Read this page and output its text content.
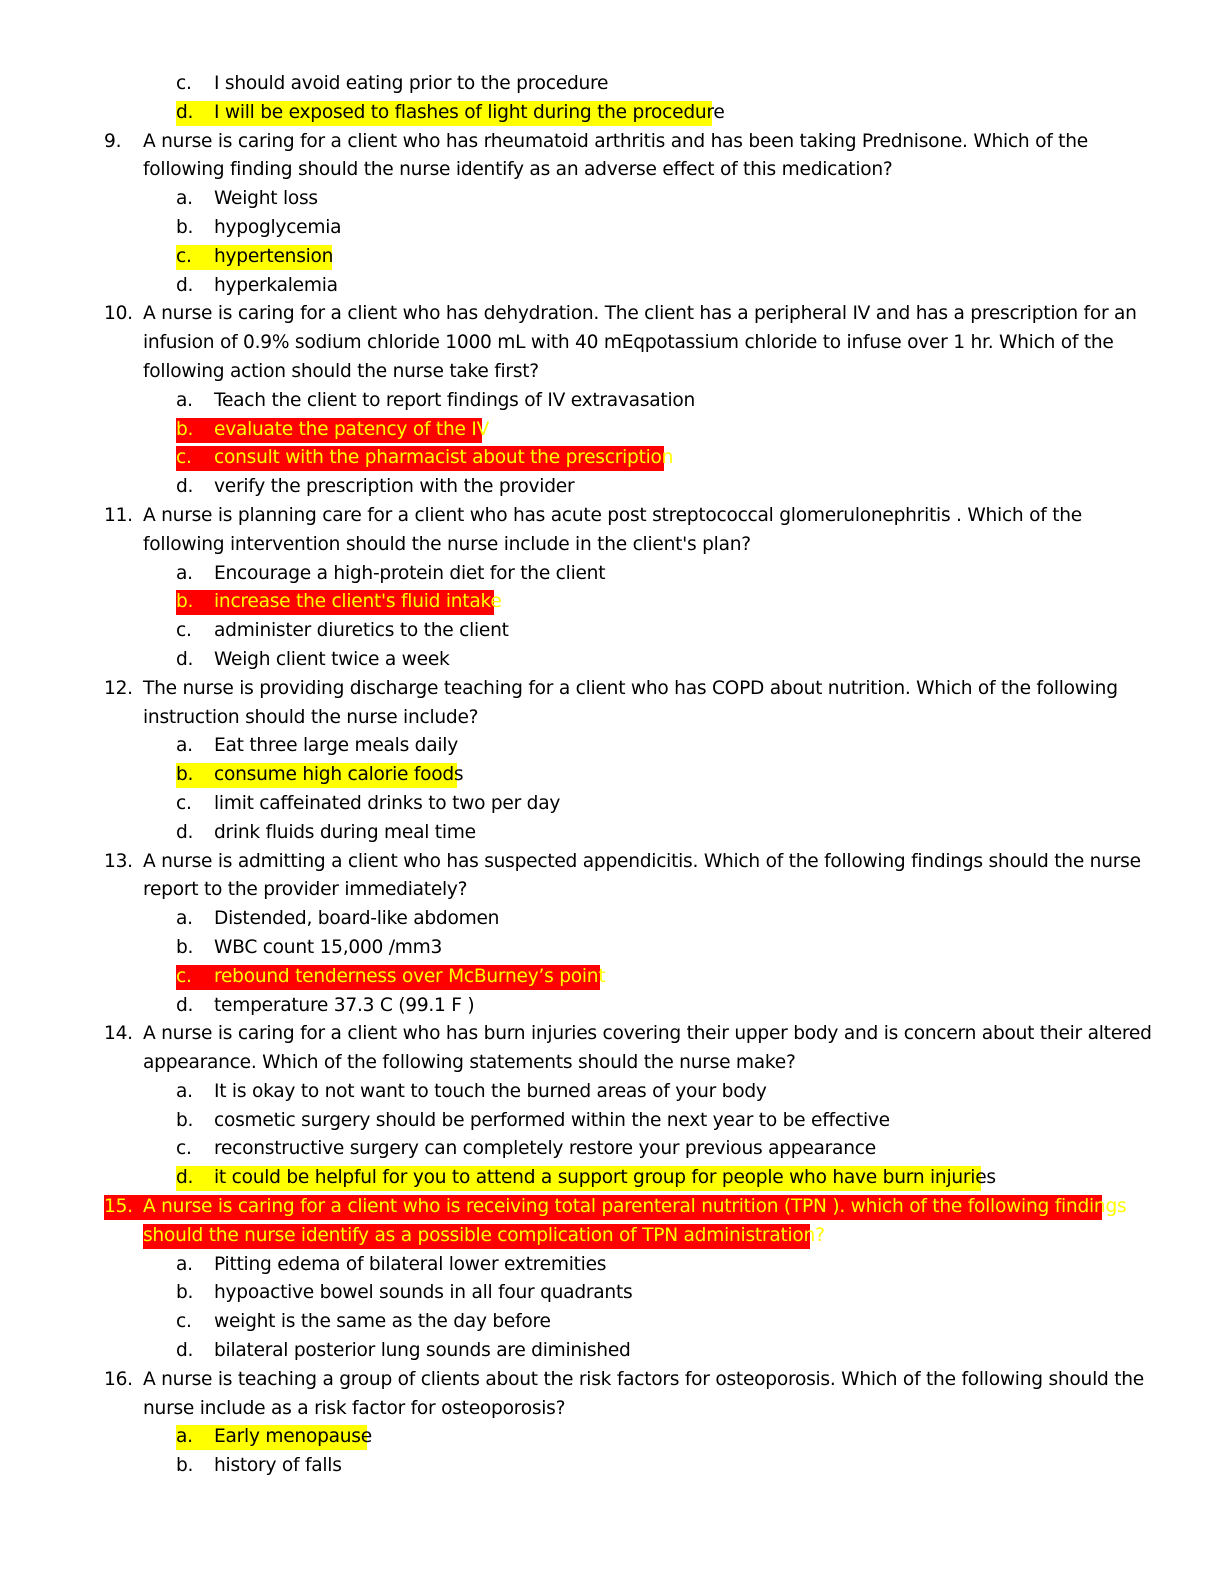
c. I should avoid eating prior to the procedure
d. I will be exposed to flashes of light during the procedure
9. A nurse is caring for a client who has rheumatoid arthritis and has been taking Prednisone. Which of the
following finding should the nurse identify as an adverse effect of this medication?
a. Weight loss
b. hypoglycemia
c. hypertension
d. hyperkalemia
10. A nurse is caring for a client who has dehydration. The client has a peripheral IV and has a prescription for an
infusion of 0.9% sodium chloride 1000 mL with 40 mEqpotassium chloride to infuse over 1 hr. Which of the
following action should the nurse take first?
a. Teach the client to report findings of IV extravasation
b. evaluate the patency of the IV
c. consult with the pharmacist about the prescription
d. verify the prescription with the provider
11. A nurse is planning care for a client who has acute post streptococcal glomerulonephritis . Which of the
following intervention should the nurse include in the client's plan?
a. Encourage a high-protein diet for the client
b. increase the client's fluid intake
c. administer diuretics to the client
d. Weigh client twice a week
12. The nurse is providing discharge teaching for a client who has COPD about nutrition. Which of the following
instruction should the nurse include?
a. Eat three large meals daily
b. consume high calorie foods
c. limit caffeinated drinks to two per day
d. drink fluids during meal time
13. A nurse is admitting a client who has suspected appendicitis. Which of the following findings should the nurse
report to the provider immediately?
a. Distended, board-like abdomen
b. WBC count 15,000 /mm3
c. rebound tenderness over McBurney’s point
d. temperature 37.3 C (99.1 F )
14. A nurse is caring for a client who has burn injuries covering their upper body and is concern about their altered
appearance. Which of the following statements should the nurse make?
a. It is okay to not want to touch the burned areas of your body
b. cosmetic surgery should be performed within the next year to be effective
c. reconstructive surgery can completely restore your previous appearance
d. it could be helpful for you to attend a support group for people who have burn injuries
15. A nurse is caring for a client who is receiving total parenteral nutrition (TPN ). which of the following findings
should the nurse identify as a possible complication of TPN administration?
a. Pitting edema of bilateral lower extremities
b. hypoactive bowel sounds in all four quadrants
c. weight is the same as the day before
d. bilateral posterior lung sounds are diminished
16. A nurse is teaching a group of clients about the risk factors for osteoporosis. Which of the following should the
nurse include as a risk factor for osteoporosis?
a. Early menopause
b. history of falls
